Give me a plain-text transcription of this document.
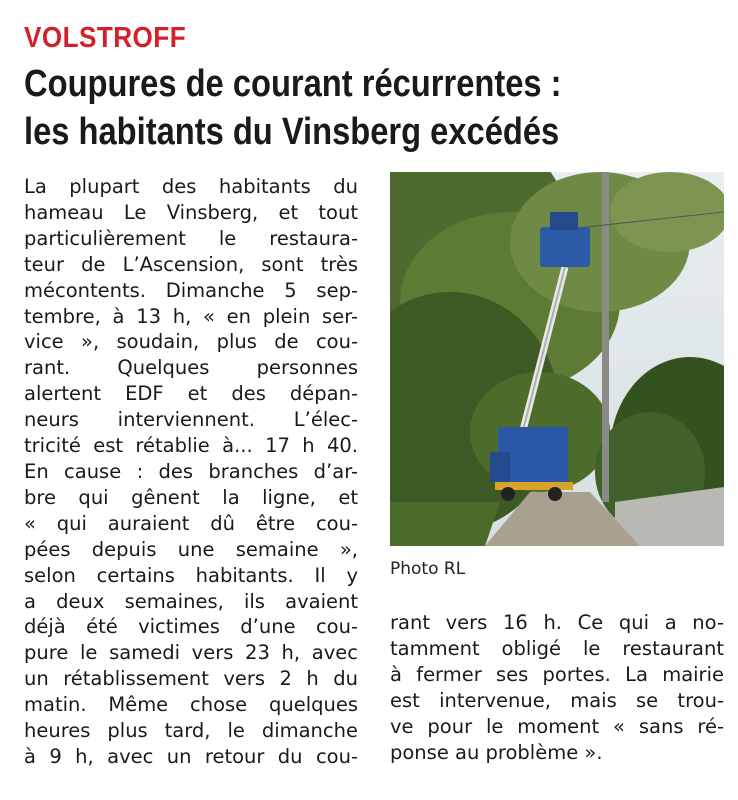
VOLSTROFF
Coupures de courant récurrentes :
les habitants du Vinsberg excédés
La plupart des habitants du
hameau Le Vinsberg, et tout
particulièrement le restaura-
teur de L’Ascension, sont très
mécontents. Dimanche 5 sep-
tembre, à 13 h, « en plein ser-
vice », soudain, plus de cou-
rant. Quelques personnes
alertent EDF et des dépan-
neurs interviennent. L’élec-
tricité est rétablie à... 17 h 40.
En cause : des branches d’ar-
bre qui gênent la ligne, et
« qui auraient dû être cou-
pées depuis une semaine »,
selon certains habitants. Il y
a deux semaines, ils avaient
déjà été victimes d’une cou-
pure le samedi vers 23 h, avec
un rétablissement vers 2 h du
matin. Même chose quelques
heures plus tard, le dimanche
à 9 h, avec un retour du cou-
Photo RL
rant vers 16 h. Ce qui a no-
tamment obligé le restaurant
à fermer ses portes. La mairie
est intervenue, mais se trou-
ve pour le moment « sans ré-
ponse au problème ».
